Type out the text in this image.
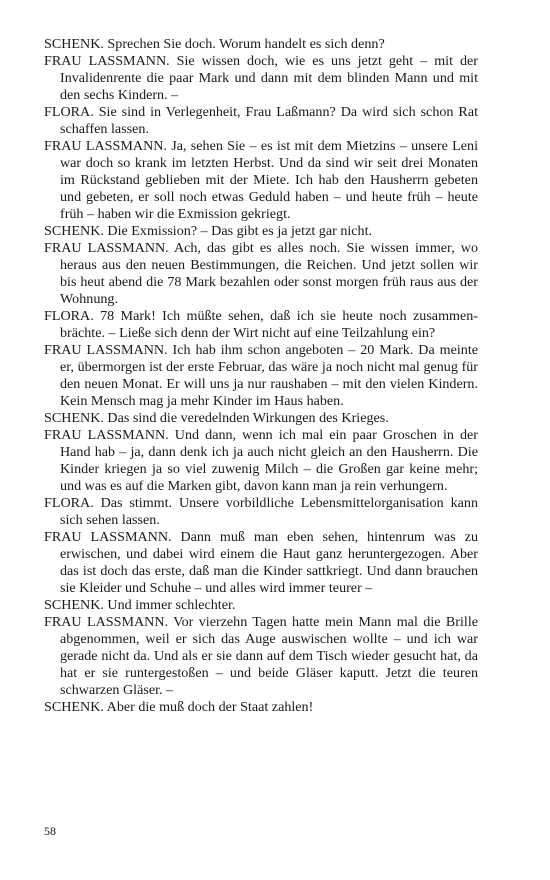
SCHENK. Sprechen Sie doch. Worum handelt es sich denn?

FRAU LASSMANN. Sie wissen doch, wie es uns jetzt geht – mit der Invalidenrente die paar Mark und dann mit dem blinden Mann und mit den sechs Kindern. –

FLORA. Sie sind in Verlegenheit, Frau Laßmann? Da wird sich schon Rat schaffen lassen.

FRAU LASSMANN. Ja, sehen Sie – es ist mit dem Mietzins – unsere Leni war doch so krank im letzten Herbst. Und da sind wir seit drei Monaten im Rückstand geblieben mit der Miete. Ich hab den Hausherrn gebeten und gebeten, er soll noch etwas Geduld haben – und heute früh – heute früh – haben wir die Exmission gekriegt.

SCHENK. Die Exmission? – Das gibt es ja jetzt gar nicht.

FRAU LASSMANN. Ach, das gibt es alles noch. Sie wissen immer, wo heraus aus den neuen Bestimmungen, die Reichen. Und jetzt sollen wir bis heut abend die 78 Mark bezahlen oder sonst morgen früh raus aus der Wohnung.

FLORA. 78 Mark! Ich müßte sehen, daß ich sie heute noch zusammenbrächte. – Ließe sich denn der Wirt nicht auf eine Teilzahlung ein?

FRAU LASSMANN. Ich hab ihm schon angeboten – 20 Mark. Da meinte er, übermorgen ist der erste Februar, das wäre ja noch nicht mal genug für den neuen Monat. Er will uns ja nur raushaben – mit den vielen Kindern. Kein Mensch mag ja mehr Kinder im Haus haben.

SCHENK. Das sind die veredelnden Wirkungen des Krieges.

FRAU LASSMANN. Und dann, wenn ich mal ein paar Groschen in der Hand hab – ja, dann denk ich ja auch nicht gleich an den Hausherrn. Die Kinder kriegen ja so viel zuwenig Milch – die Großen gar keine mehr; und was es auf die Marken gibt, davon kann man ja rein verhungern.

FLORA. Das stimmt. Unsere vorbildliche Lebensmittelorganisation kann sich sehen lassen.

FRAU LASSMANN. Dann muß man eben sehen, hintenrum was zu erwischen, und dabei wird einem die Haut ganz heruntergezogen. Aber das ist doch das erste, daß man die Kinder sattkriegt. Und dann brauchen sie Kleider und Schuhe – und alles wird immer teurer –

SCHENK. Und immer schlechter.

FRAU LASSMANN. Vor vierzehn Tagen hatte mein Mann mal die Brille abgenommen, weil er sich das Auge auswischen wollte – und ich war gerade nicht da. Und als er sie dann auf dem Tisch wieder gesucht hat, da hat er sie runtergestoßen – und beide Gläser kaputt. Jetzt die teuren schwarzen Gläser. –

SCHENK. Aber die muß doch der Staat zahlen!

58
